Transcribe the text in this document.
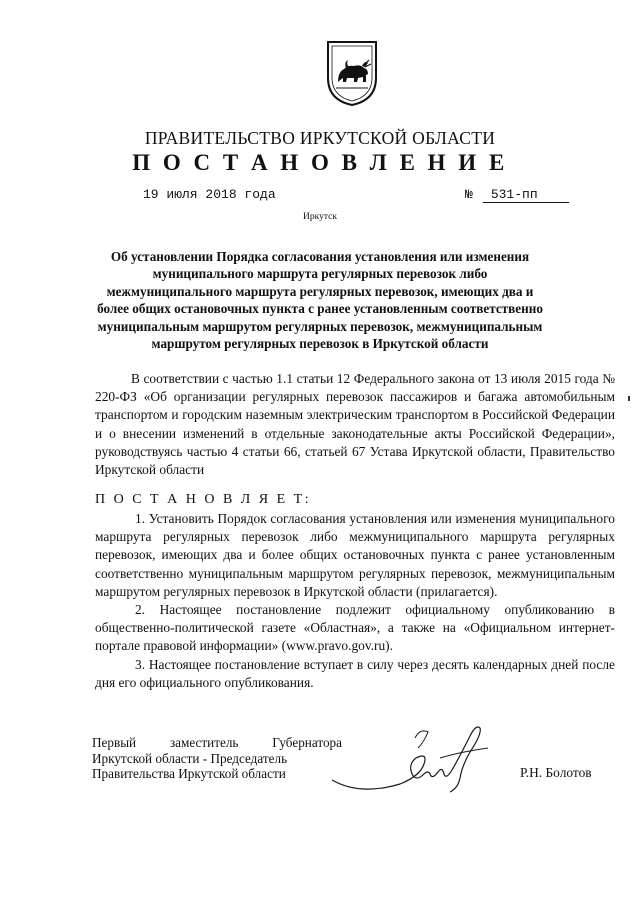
ПРАВИТЕЛЬСТВО ИРКУТСКОЙ ОБЛАСТИ
П О С Т А Н О В Л Е Н И Е
19 июля 2018 года	№ 531-пп
Иркутск
Об установлении Порядка согласования установления или изменения муниципального маршрута регулярных перевозок либо межмуниципального маршрута регулярных перевозок, имеющих два и более общих остановочных пункта с ранее установленным соответственно муниципальным маршрутом регулярных перевозок, межмуниципальным маршрутом регулярных перевозок в Иркутской области
В соответствии с частью 1.1 статьи 12 Федерального закона от 13 июля 2015 года № 220-ФЗ «Об организации регулярных перевозок пассажиров и багажа автомобильным транспортом и городским наземным электрическим транспортом в Российской Федерации и о внесении изменений в отдельные законодательные акты Российской Федерации», руководствуясь частью 4 статьи 66, статьей 67 Устава Иркутской области, Правительство Иркутской области
П О С Т А Н О В Л Я Е Т:

1. Установить Порядок согласования установления или изменения муниципального маршрута регулярных перевозок либо межмуниципального маршрута регулярных перевозок, имеющих два и более общих остановочных пункта с ранее установленным соответственно муниципальным маршрутом регулярных перевозок, межмуниципальным маршрутом регулярных перевозок в Иркутской области (прилагается).

2. Настоящее постановление подлежит официальному опубликованию в общественно-политической газете «Областная», а также на «Официальном интернет-портале правовой информации» (www.pravo.gov.ru).

3. Настоящее постановление вступает в силу через десять календарных дней после дня его официального опубликования.

Первый	заместитель	Губернатора
Иркутской области - Председатель
Правительства Иркутской области	Р.Н. Болотов
